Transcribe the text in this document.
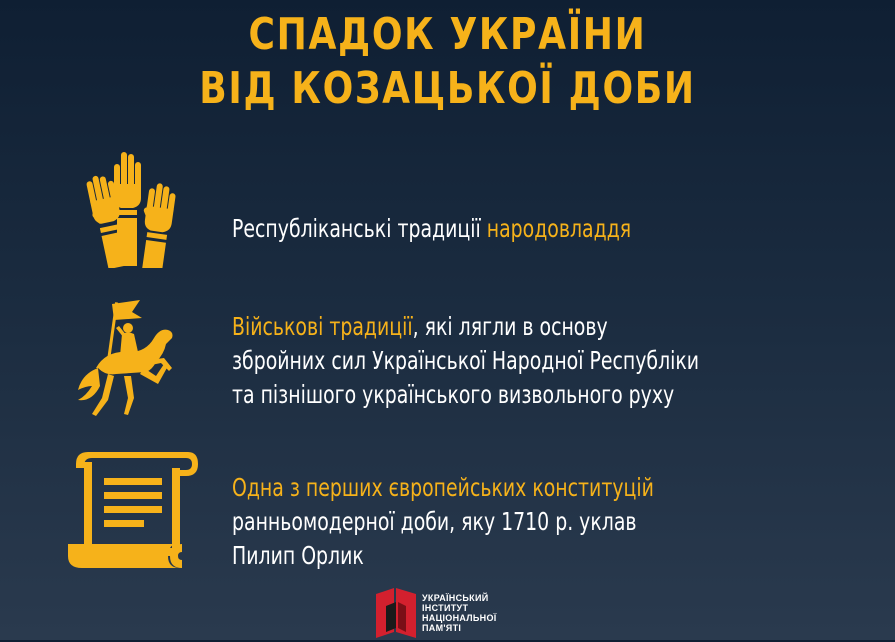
СПАДОК УКРАЇНИ
ВІД КОЗАЦЬКОЇ ДОБИ
Республіканські традиції народовладдя
Військові традиції, які лягли в основу
збройних сил Української Народної Республіки
та пізнішого українського визвольного руху
Одна з перших європейських конституцій
ранньомодерної доби, яку 1710 р. уклав
Пилип Орлик
УКРАЇНСЬКИЙ
ІНСТИТУТ
НАЦІОНАЛЬНОЇ
ПАМ'ЯТІ
